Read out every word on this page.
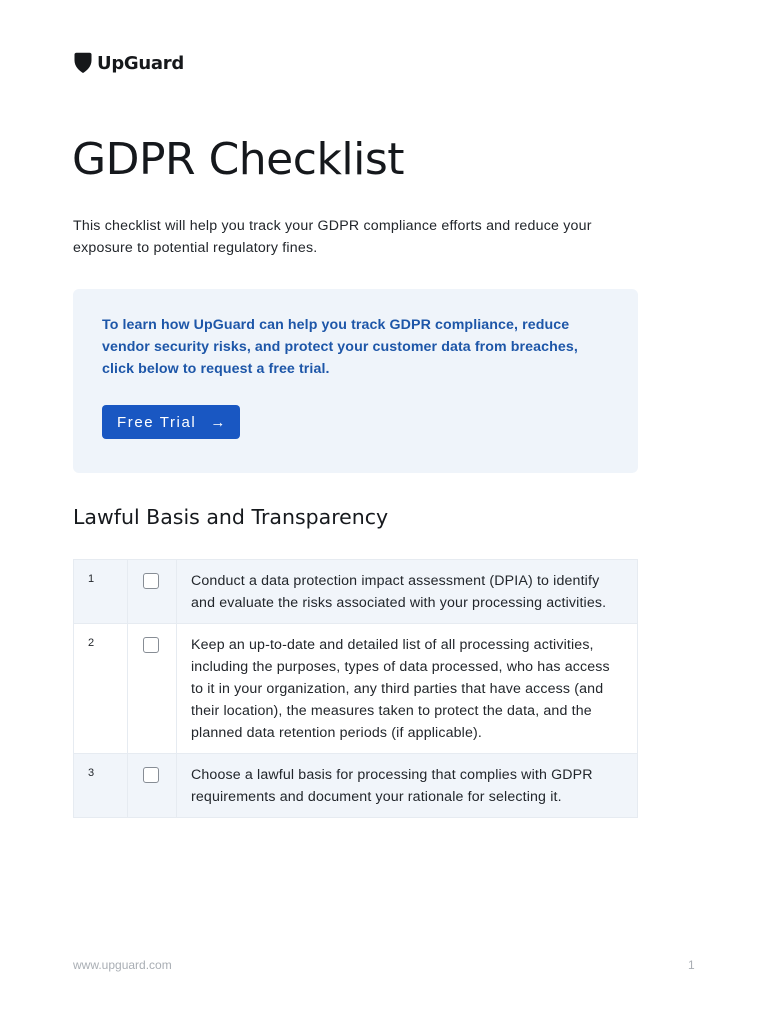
UpGuard
GDPR Checklist

This checklist will help you track your GDPR compliance efforts and reduce your exposure to potential regulatory fines.

To learn how UpGuard can help you track GDPR compliance, reduce vendor security risks, and protect your customer data from breaches, click below to request a free trial.

Free Trial →
Lawful Basis and Transparency
1		Conduct a data protection impact assessment (DPIA) to identify and evaluate the risks associated with your processing activities.
2		Keep an up-to-date and detailed list of all processing activities, including the purposes, types of data processed, who has access to it in your organization, any third parties that have access (and their location), the measures taken to protect the data, and the planned data retention periods (if applicable).
3		Choose a lawful basis for processing that complies with GDPR requirements and document your rationale for selecting it.
www.upguard.com	1
